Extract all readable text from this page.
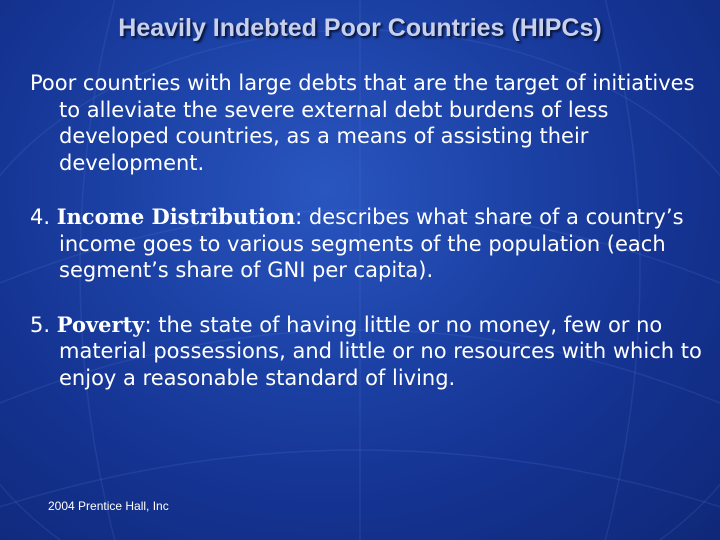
Heavily Indebted Poor Countries (HIPCs)

Poor countries with large debts that are the target of initiatives to alleviate the severe external debt burdens of less developed countries, as a means of assisting their development.

4. Income Distribution: describes what share of a country’s income goes to various segments of the population (each segment’s share of GNI per capita).

5. Poverty: the state of having little or no money, few or no material possessions, and little or no resources with which to enjoy a reasonable standard of living.

2004 Prentice Hall, Inc
